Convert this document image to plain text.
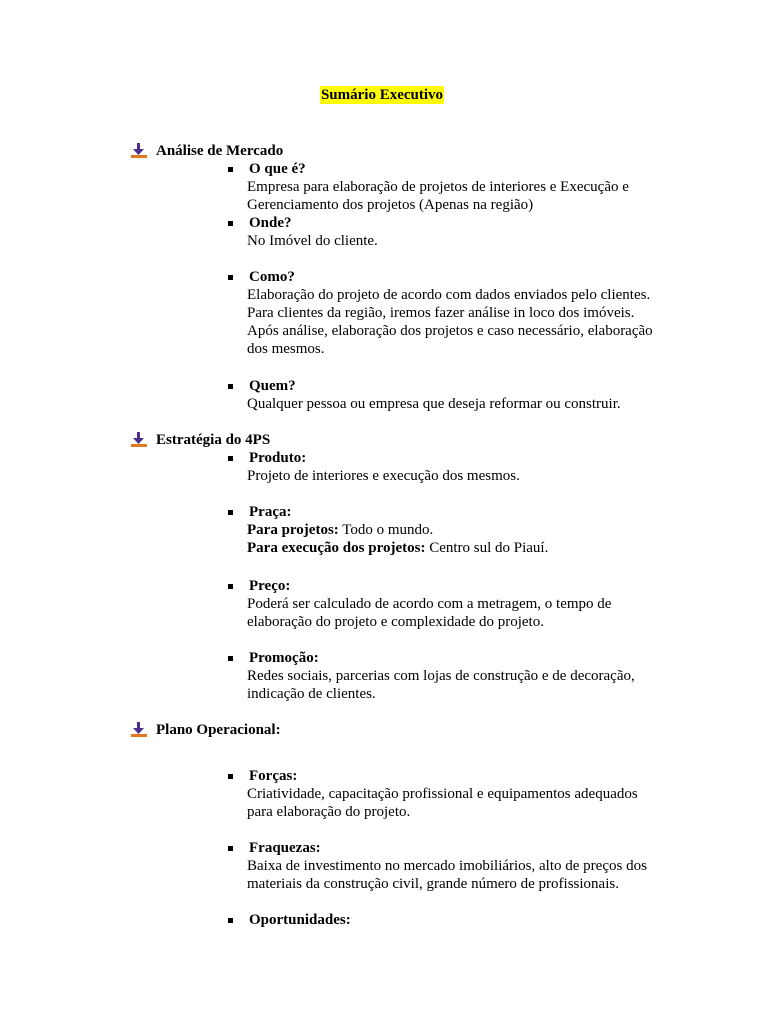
Sumário Executivo
Análise de Mercado
O que é?

Empresa para elaboração de projetos de interiores e Execução e Gerenciamento dos projetos (Apenas na região)

Onde?

No Imóvel do cliente.

Como?

Elaboração do projeto de acordo com dados enviados pelo clientes. Para clientes da região, iremos fazer análise in loco dos imóveis. Após análise, elaboração dos projetos e caso necessário, elaboração dos mesmos.

Quem?

Qualquer pessoa ou empresa que deseja reformar ou construir.

Estratégia do 4PS
Produto:

Projeto de interiores e execução dos mesmos.

Praça:

Para projetos: Todo o mundo.

Para execução dos projetos: Centro sul do Piauí.

Preço:

Poderá ser calculado de acordo com a metragem, o tempo de elaboração do projeto e complexidade do projeto.

Promoção:

Redes sociais, parcerias com lojas de construção e de decoração, indicação de clientes.

Plano Operacional:
Forças:

Criatividade, capacitação profissional e equipamentos adequados para elaboração do projeto.

Fraquezas:

Baixa de investimento no mercado imobiliários, alto de preços dos materiais da construção civil, grande número de profissionais.

Oportunidades:
